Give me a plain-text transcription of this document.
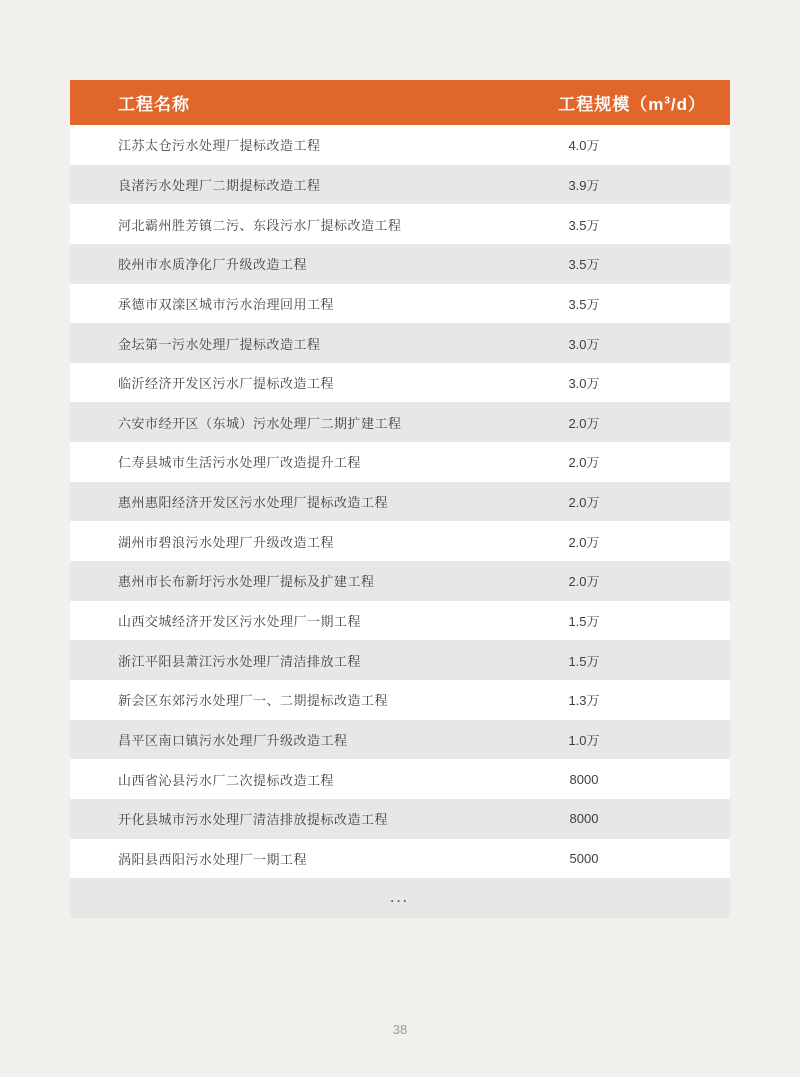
工程名称	工程规模$(m^3/d)$
江苏太仓污水处理厂提标改造工程	4.0万
良渚污水处理厂二期提标改造工程	3.9万
河北霸州胜芳镇二污、东段污水厂提标改造工程	3.5万
胶州市水质净化厂升级改造工程	3.5万
承德市双滦区城市污水治理回用工程	3.5万
金坛第一污水处理厂提标改造工程	3.0万
临沂经济开发区污水厂提标改造工程	3.0万
六安市经开区（东城）污水处理厂二期扩建工程	2.0万
仁寿县城市生活污水处理厂改造提升工程	2.0万
惠州惠阳经济开发区污水处理厂提标改造工程	2.0万
湖州市碧浪污水处理厂升级改造工程	2.0万
惠州市长布新圩污水处理厂提标及扩建工程	2.0万
山西交城经济开发区污水处理厂一期工程	1.5万
浙江平阳县萧江污水处理厂清洁排放工程	1.5万
新会区东郊污水处理厂一、二期提标改造工程	1.3万
昌平区南口镇污水处理厂升级改造工程	1.0万
山西省沁县污水厂二次提标改造工程	8000
开化县城市污水处理厂清洁排放提标改造工程	8000
涡阳县西阳污水处理厂一期工程	5000
...
38
